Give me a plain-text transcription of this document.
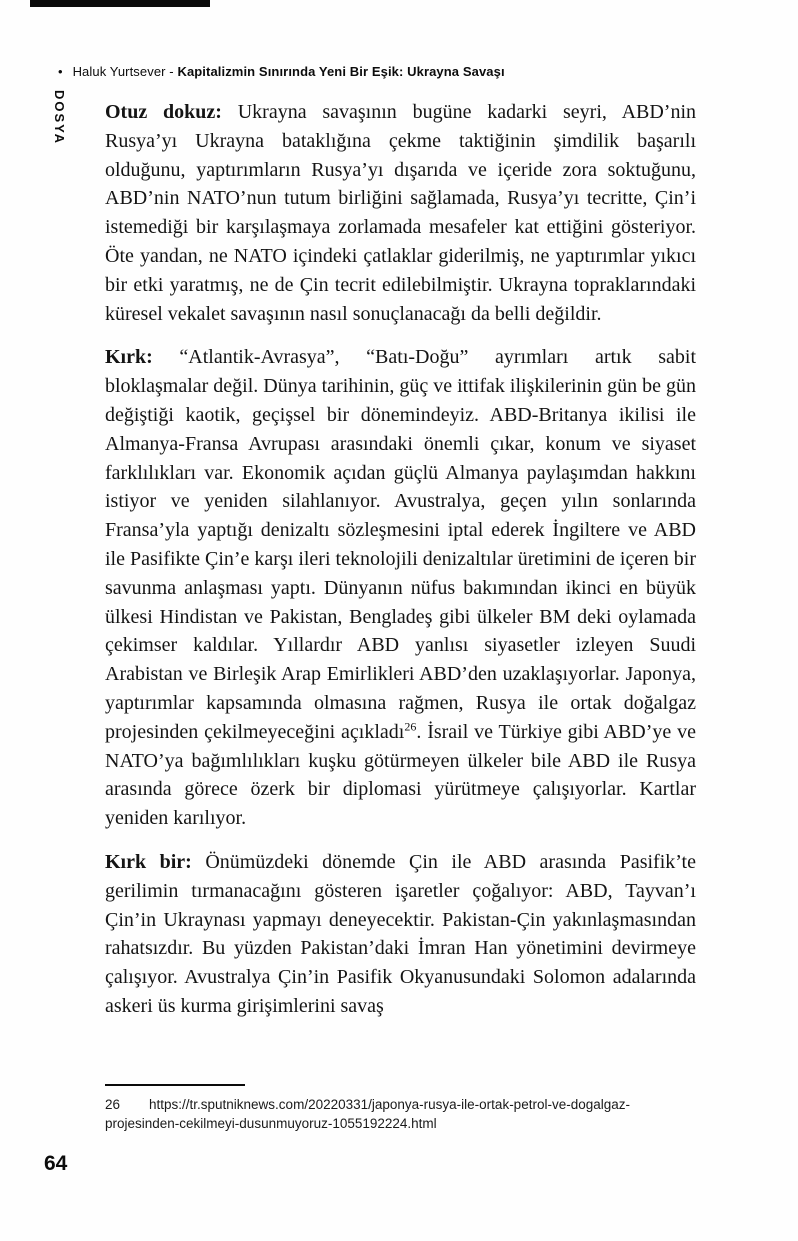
• Haluk Yurtsever - Kapitalizmin Sınırında Yeni Bir Eşik: Ukrayna Savaşı
DOSYA Otuz dokuz: Ukrayna savaşının bugüne kadarki seyri, ABD’nin Rusya’yı Ukrayna bataklığına çekme taktiğinin şimdilik başarılı olduğunu, yaptırımların Rusya’yı dışarıda ve içeride zora soktuğunu, ABD’nin NATO’nun tutum birliğini sağlamada, Rusya’yı tecritte, Çin’i istemediği bir karşılaşmaya zorlamada mesafeler kat ettiğini gösteriyor. Öte yandan, ne NATO içindeki çatlaklar giderilmiş, ne yaptırımlar yıkıcı bir etki yaratmış, ne de Çin tecrit edilebilmiştir. Ukrayna topraklarındaki küresel vekalet savaşının nasıl sonuçlanacağı da belli değildir.

Kırk: “Atlantik-Avrasya”, “Batı-Doğu” ayrımları artık sabit bloklaşmalar değil. Dünya tarihinin, güç ve ittifak ilişkilerinin gün be gün değiştiği kaotik, geçişsel bir dönemindeyiz. ABD-Britanya ikilisi ile Almanya-Fransa Avrupası arasındaki önemli çıkar, konum ve siyaset farklılıkları var. Ekonomik açıdan güçlü Almanya paylaşımdan hakkını istiyor ve yeniden silahlanıyor. Avustralya, geçen yılın sonlarında Fransa’yla yaptığı denizaltı sözleşmesini iptal ederek İngiltere ve ABD ile Pasifikte Çin’e karşı ileri teknolojili denizaltılar üretimini de içeren bir savunma anlaşması yaptı. Dünyanın nüfus bakımından ikinci en büyük ülkesi Hindistan ve Pakistan, Bengladeş gibi ülkeler BM deki oylamada çekimser kaldılar. Yıllardır ABD yanlısı siyasetler izleyen Suudi Arabistan ve Birleşik Arap Emirlikleri ABD’den uzaklaşıyorlar. Japonya, yaptırımlar kapsamında olmasına rağmen, Rusya ile ortak doğalgaz projesinden çekilmeyeceğini açıkladı$^{26}$. İsrail ve Türkiye gibi ABD’ye ve NATO’ya bağımlılıkları kuşku götürmeyen ülkeler bile ABD ile Rusya arasında görece özerk bir diplomasi yürütmeye çalışıyorlar. Kartlar yeniden karılıyor.

Kırk bir: Önümüzdeki dönemde Çin ile ABD arasında Pasifik’te gerilimin tırmanacağını gösteren işaretler çoğalıyor: ABD, Tayvan’ı Çin’in Ukraynası yapmayı deneyecektir. Pakistan-Çin yakınlaşmasından rahatsızdır. Bu yüzden Pakistan’daki İmran Han yönetimini devirmeye çalışıyor. Avustralya Çin’in Pasifik Okyanusundaki Solomon adalarında askeri üs kurma girişimlerini savaş

26 https://tr.sputniknews.com/20220331/japonya-rusya-ile-ortak-petrol-ve-dogalgaz-projesinden-cekilmeyi-dusunmuyoruz-1055192224.html
64
